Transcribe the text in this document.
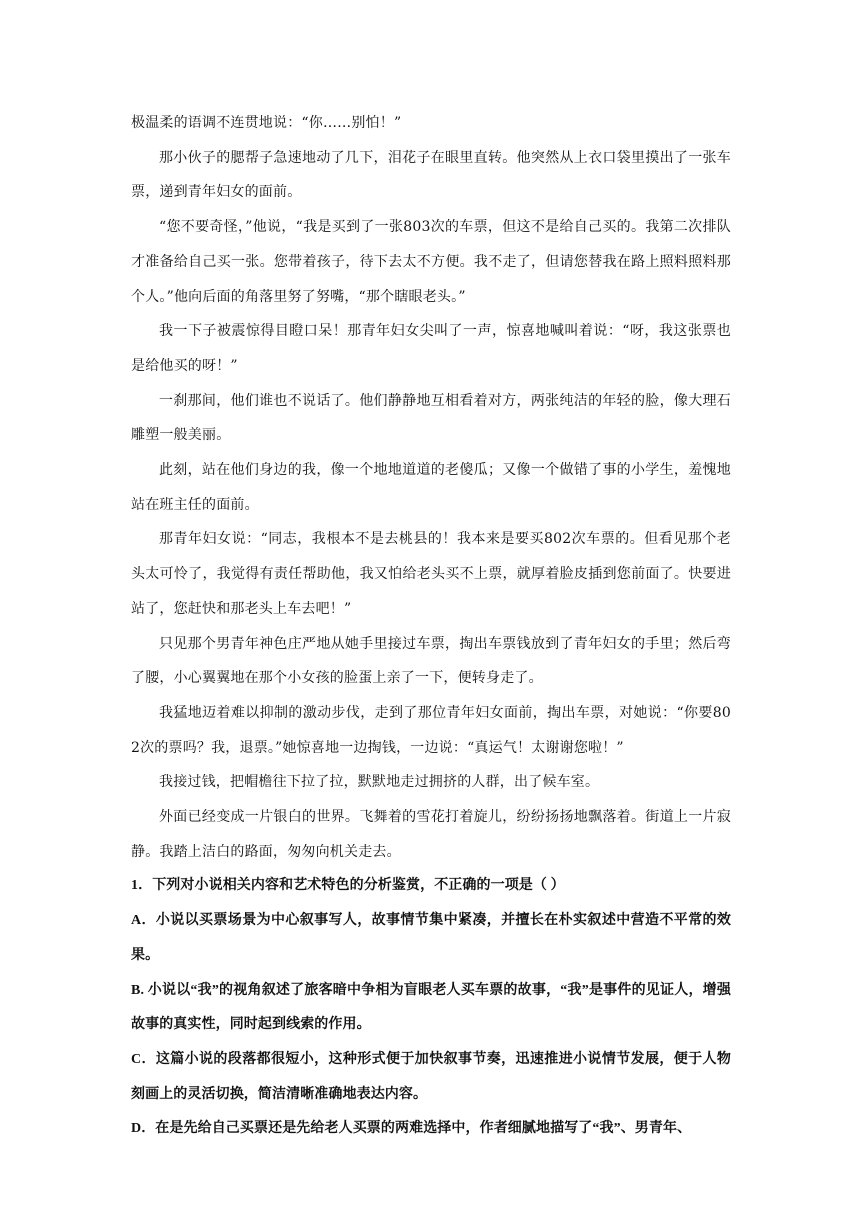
极温柔的语调不连贯地说：“你……别怕！”

那小伙子的腮帮子急速地动了几下，泪花子在眼里直转。他突然从上衣口袋里摸出了一张车票，递到青年妇女的面前。

“您不要奇怪，”他说，“我是买到了一张803次的车票，但这不是给自己买的。我第二次排队才准备给自己买一张。您带着孩子，待下去太不方便。我不走了，但请您替我在路上照料照料那个人。”他向后面的角落里努了努嘴，“那个瞎眼老头。”

我一下子被震惊得目瞪口呆！那青年妇女尖叫了一声，惊喜地喊叫着说：“呀，我这张票也是给他买的呀！”

一刹那间，他们谁也不说话了。他们静静地互相看着对方，两张纯洁的年轻的脸，像大理石雕塑一般美丽。

此刻，站在他们身边的我，像一个地地道道的老傻瓜；又像一个做错了事的小学生，羞愧地站在班主任的面前。

那青年妇女说：“同志，我根本不是去桃县的！我本来是要买802次车票的。但看见那个老头太可怜了，我觉得有责任帮助他，我又怕给老头买不上票，就厚着脸皮插到您前面了。快要进站了，您赶快和那老头上车去吧！”

只见那个男青年神色庄严地从她手里接过车票，掏出车票钱放到了青年妇女的手里；然后弯了腰，小心翼翼地在那个小女孩的脸蛋上亲了一下，便转身走了。

我猛地迈着难以抑制的激动步伐，走到了那位青年妇女面前，掏出车票，对她说：“你要802次的票吗？我，退票。”她惊喜地一边掏钱，一边说：“真运气！太谢谢您啦！”

我接过钱，把帽檐往下拉了拉，默默地走过拥挤的人群，出了候车室。

外面已经变成一片银白的世界。飞舞着的雪花打着旋儿，纷纷扬扬地飘落着。街道上一片寂静。我踏上洁白的路面，匆匆向机关走去。

1．下列对小说相关内容和艺术特色的分析鉴赏，不正确的一项是（ ）

A．小说以买票场景为中心叙事写人，故事情节集中紧凑，并擅长在朴实叙述中营造不平常的效果。

B. 小说以“我”的视角叙述了旅客暗中争相为盲眼老人买车票的故事，“我”是事件的见证人，增强故事的真实性，同时起到线索的作用。

C．这篇小说的段落都很短小，这种形式便于加快叙事节奏，迅速推进小说情节发展，便于人物刻画上的灵活切换，简洁清晰准确地表达内容。

D．在是先给自己买票还是先给老人买票的两难选择中，作者细腻地描写了“我”、男青年、
